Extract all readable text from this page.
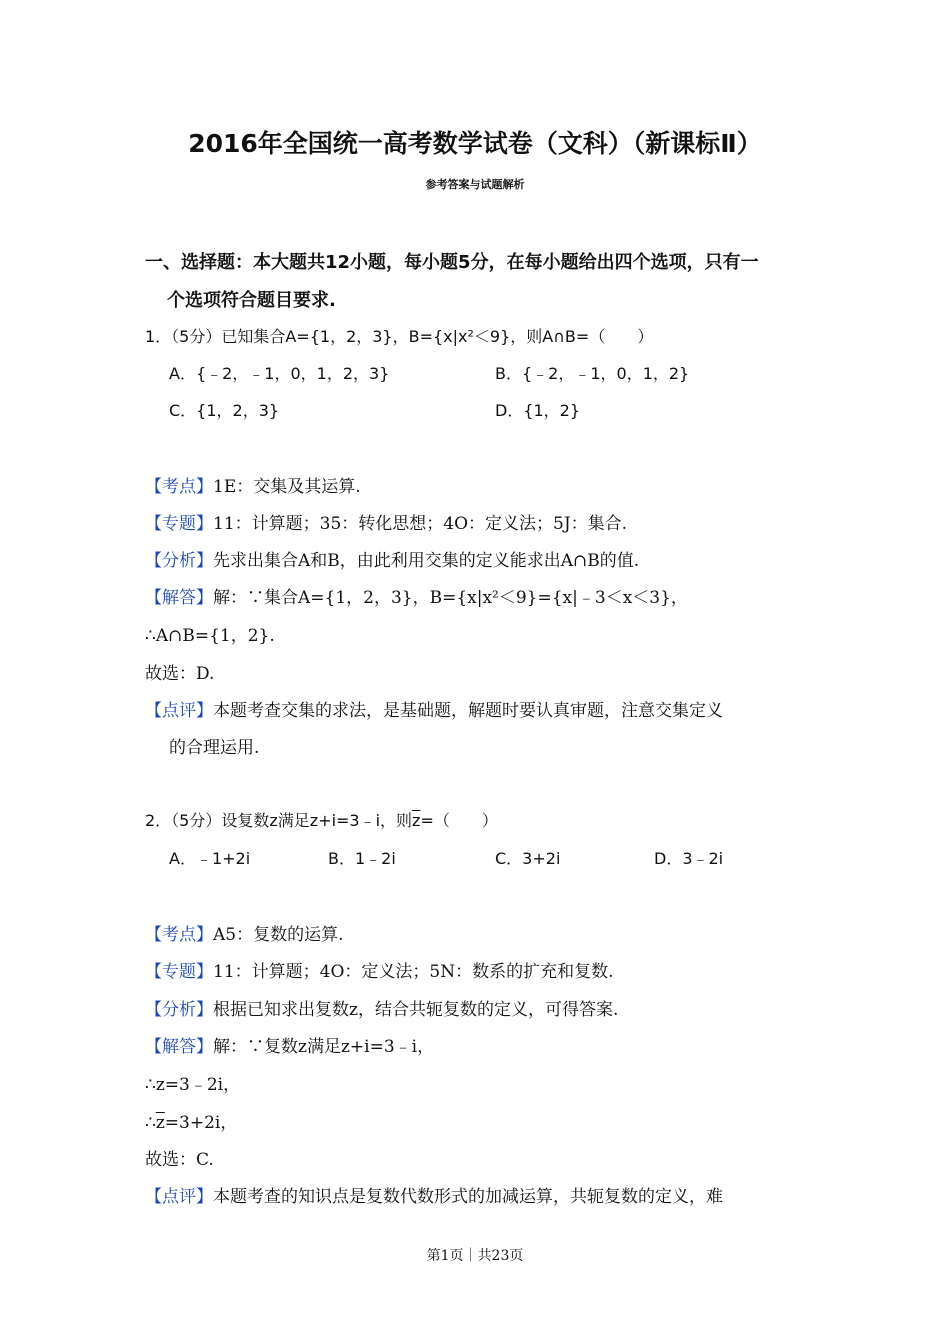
2016年全国统一高考数学试卷（文科）（新课标Ⅱ）
参考答案与试题解析
一、选择题：本大题共12小题，每小题5分，在每小题给出四个选项，只有一
个选项符合题目要求.
1．（5分）已知集合A={1，2，3}，B={x|x²＜9}，则A∩B=（　　）
A．{﹣2，﹣1，0，1，2，3}	B．{﹣2，﹣1，0，1，2}
C．{1，2，3}	D．{1，2}
【考点】1E：交集及其运算.
【专题】11：计算题；35：转化思想；4O：定义法；5J：集合.
【分析】先求出集合A和B，由此利用交集的定义能求出A∩B的值.
【解答】解：∵集合A={1，2，3}，B={x|x²＜9}={x|﹣3＜x＜3}，
∴A∩B={1，2}.
故选：D.
【点评】本题考查交集的求法，是基础题，解题时要认真审题，注意交集定义
的合理运用.
2．（5分）设复数z满足z+i=3﹣i，则$\overline{z}=$（　　）
A．﹣1+2i	B．1﹣2i	C．3+2i	D．3﹣2i
【考点】A5：复数的运算.
【专题】11：计算题；4O：定义法；5N：数系的扩充和复数.
【分析】根据已知求出复数z，结合共轭复数的定义，可得答案.
【解答】解：∵复数z满足z+i=3﹣i，
∴z=3﹣2i，
$\therefore\overline{z}=3+2i$，
故选：C.
【点评】本题考查的知识点是复数代数形式的加减运算，共轭复数的定义，难
第1页｜共23页
